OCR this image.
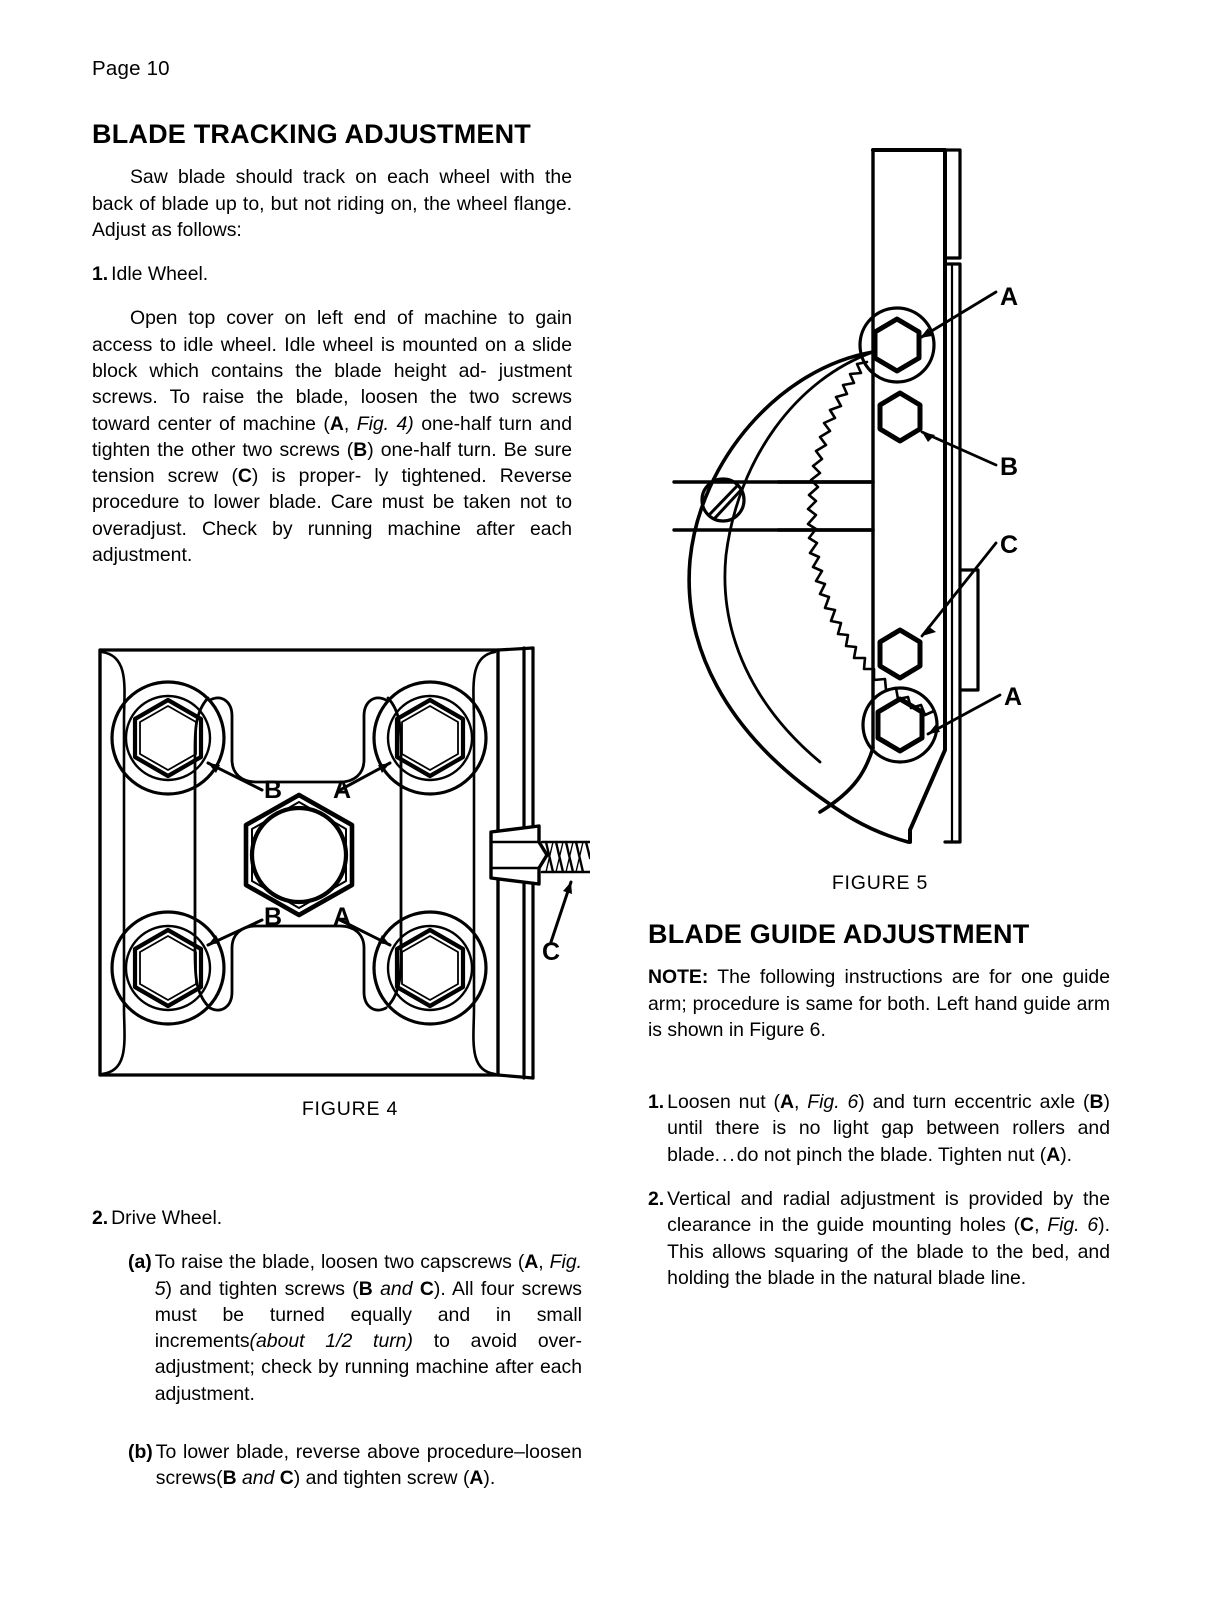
Page 10
BLADE TRACKING ADJUSTMENT

Saw blade should track on each wheel with the back of blade up to, but not riding on, the wheel flange. Adjust as follows:

1. Idle Wheel.

Open top cover on left end of machine to gain access to idle wheel. Idle wheel is mounted on a slide block which contains the blade height ad- justment screws. To raise the blade, loosen the two screws toward center of machine (A, Fig. 4) one-half turn and tighten the other two screws (B) one-half turn. Be sure tension screw (C) is proper- ly tightened. Reverse procedure to lower blade. Care must be taken not to overadjust. Check by running machine after each adjustment.

B A
B A
C
FIGURE 4
A
B
C
A
FIGURE 5
BLADE GUIDE ADJUSTMENT

NOTE: The following instructions are for one guide arm; procedure is same for both. Left hand guide arm is shown in Figure 6.

1. Loosen nut (A, Fig. 6) and turn eccentric axle (B) until there is no light gap between rollers and blade...do not pinch the blade. Tighten nut (A).
2. Vertical and radial adjustment is provided by the clearance in the guide mounting holes (C, Fig. 6). This allows squaring of the blade to the bed, and holding the blade in the natural blade line.
2. Drive Wheel.
(a) To raise the blade, loosen two capscrews (A, Fig. 5) and tighten screws (B and C). All four screws must be turned equally and in small increments(about 1/2 turn) to avoid over-adjustment; check by running machine after each adjustment.
(b) To lower blade, reverse above procedure–loosen screws(B and C) and tighten screw (A).
